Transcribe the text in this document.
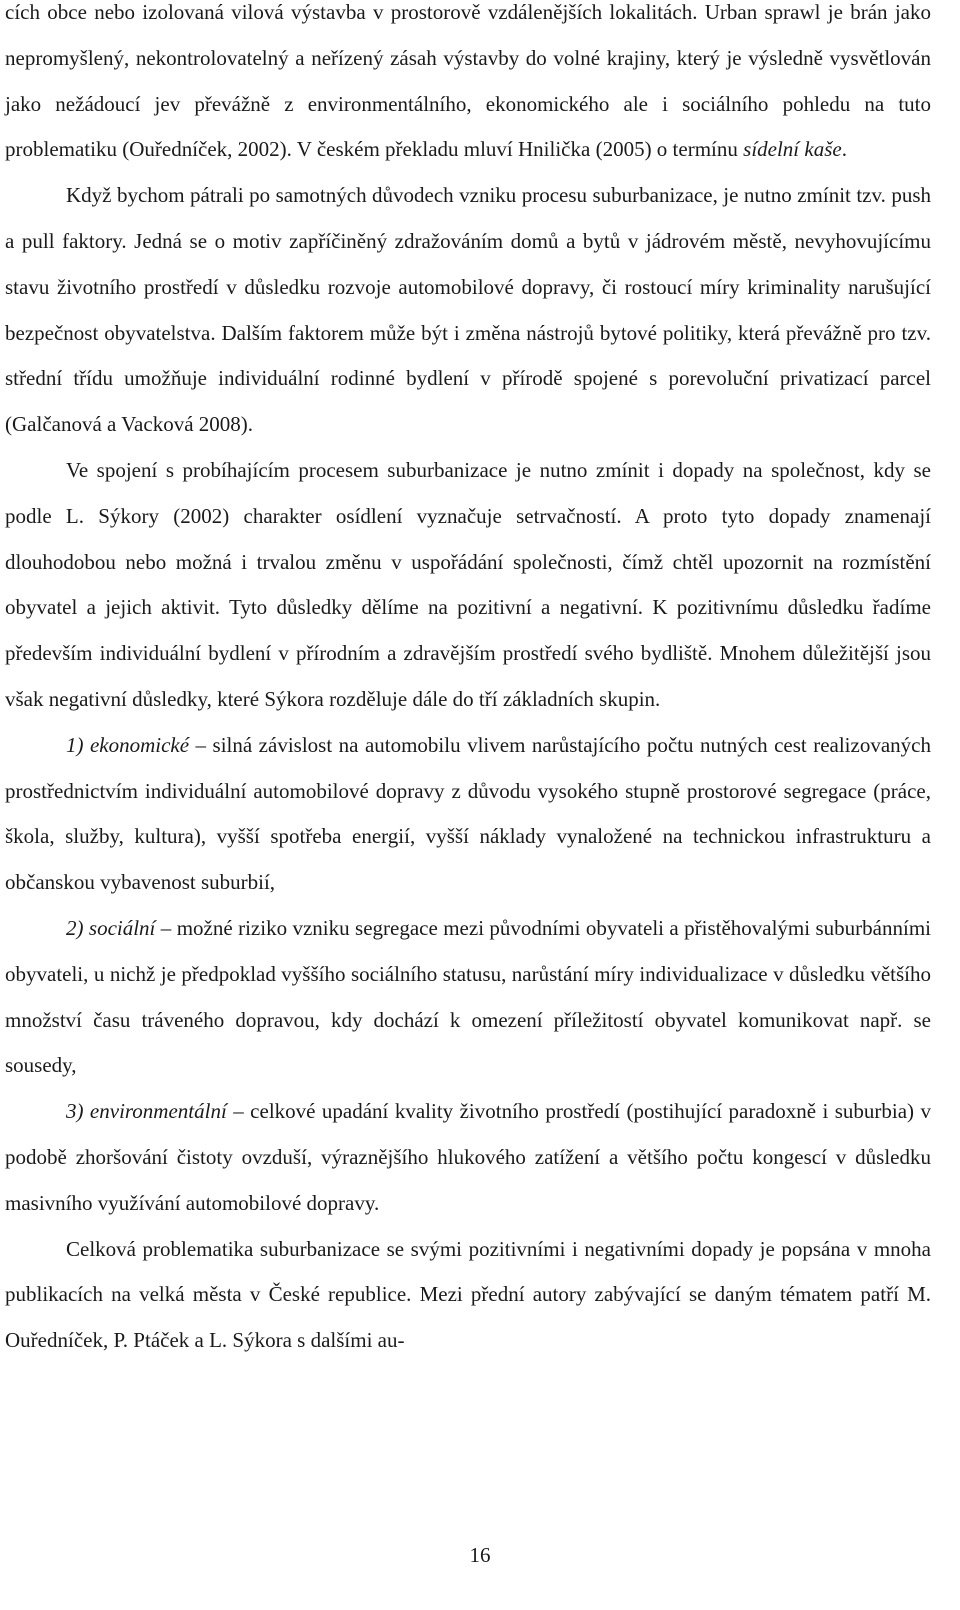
cích obce nebo izolovaná vilová výstavba v prostorově vzdálenějších lokalitách. Urban sprawl je brán jako nepromyšlený, nekontrolovatelný a neřízený zásah výstavby do volné krajiny, který je výsledně vysvětlován jako nežádoucí jev převážně z environmentálního, ekonomického ale i sociálního pohledu na tuto problematiku (Ouředníček, 2002). V českém překladu mluví Hnilička (2005) o termínu sídelní kaše.

Když bychom pátrali po samotných důvodech vzniku procesu suburbanizace, je nutno zmínit tzv. push a pull faktory. Jedná se o motiv zapříčiněný zdražováním domů a bytů v jádrovém městě, nevyhovujícímu stavu životního prostředí v důsledku rozvoje automobilové dopravy, či rostoucí míry kriminality narušující bezpečnost obyvatelstva. Dalším faktorem může být i změna nástrojů bytové politiky, která převážně pro tzv. střední třídu umožňuje individuální rodinné bydlení v přírodě spojené s porevoluční privatizací parcel (Galčanová a Vacková 2008).

Ve spojení s probíhajícím procesem suburbanizace je nutno zmínit i dopady na společnost, kdy se podle L. Sýkory (2002) charakter osídlení vyznačuje setrvačností. A proto tyto dopady znamenají dlouhodobou nebo možná i trvalou změnu v uspořádání společnosti, čímž chtěl upozornit na rozmístění obyvatel a jejich aktivit. Tyto důsledky dělíme na pozitivní a negativní. K pozitivnímu důsledku řadíme především individuální bydlení v přírodním a zdravějším prostředí svého bydliště. Mnohem důležitější jsou však negativní důsledky, které Sýkora rozděluje dále do tří základních skupin.

1) ekonomické – silná závislost na automobilu vlivem narůstajícího počtu nutných cest realizovaných prostřednictvím individuální automobilové dopravy z důvodu vysokého stupně prostorové segregace (práce, škola, služby, kultura), vyšší spotřeba energií, vyšší náklady vynaložené na technickou infrastrukturu a občanskou vybavenost suburbií,

2) sociální – možné riziko vzniku segregace mezi původními obyvateli a přistěhovalými suburbánními obyvateli, u nichž je předpoklad vyššího sociálního statusu, narůstání míry individualizace v důsledku většího množství času tráveného dopravou, kdy dochází k omezení příležitostí obyvatel komunikovat např. se sousedy,

3) environmentální – celkové upadání kvality životního prostředí (postihující paradoxně i suburbia) v podobě zhoršování čistoty ovzduší, výraznějšího hlukového zatížení a většího počtu kongescí v důsledku masivního využívání automobilové dopravy.

Celková problematika suburbanizace se svými pozitivními i negativními dopady je popsána v mnoha publikacích na velká města v České republice. Mezi přední autory zabývající se daným tématem patří M. Ouředníček, P. Ptáček a L. Sýkora s dalšími au-

16
